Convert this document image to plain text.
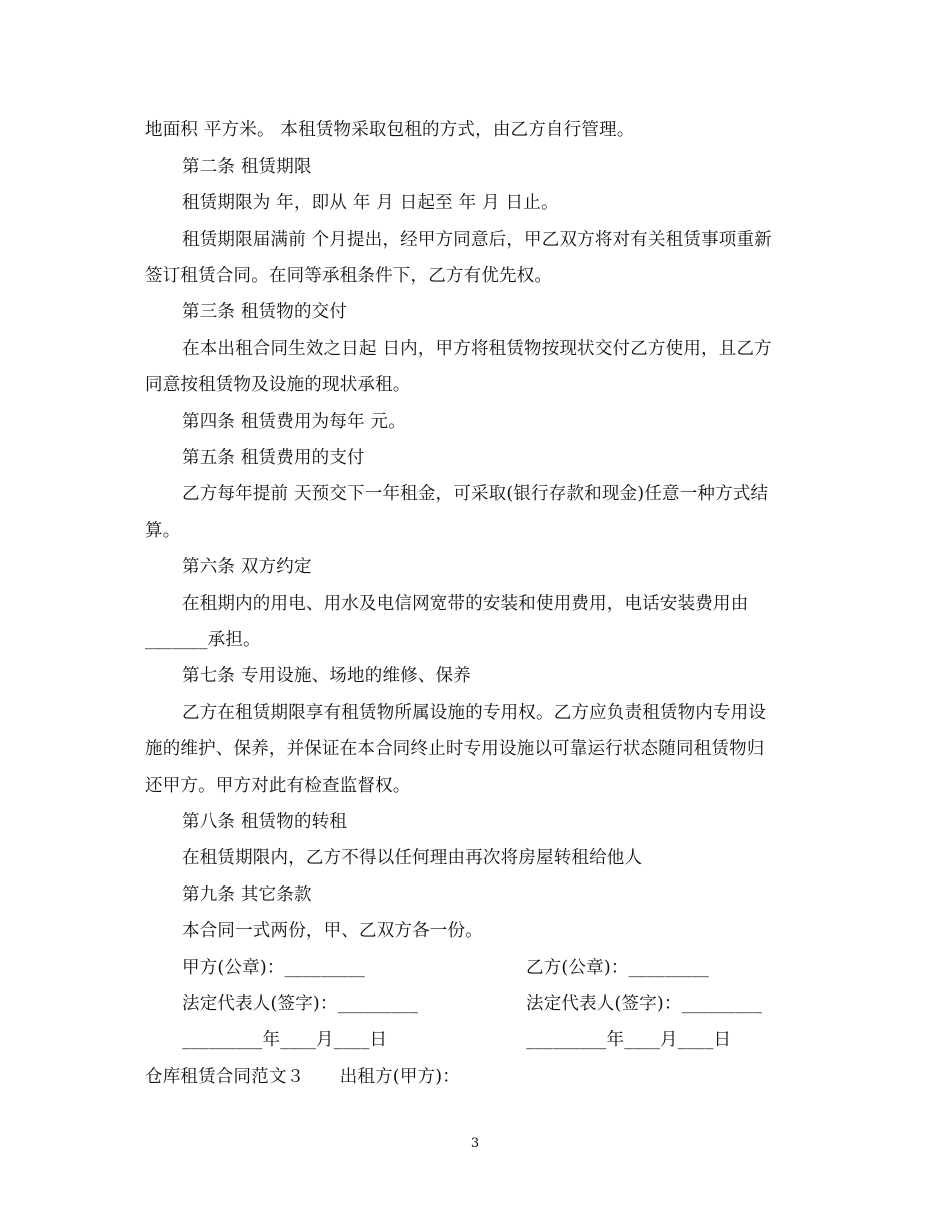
地面积 平方米。 本租赁物采取包租的方式，由乙方自行管理。
第二条 租赁期限
租赁期限为 年，即从 年 月 日起至 年 月 日止。
租赁期限届满前 个月提出，经甲方同意后，甲乙双方将对有关租赁事项重新
签订租赁合同。在同等承租条件下，乙方有优先权。
第三条 租赁物的交付
在本出租合同生效之日起 日内，甲方将租赁物按现状交付乙方使用，且乙方
同意按租赁物及设施的现状承租。
第四条 租赁费用为每年 元。
第五条 租赁费用的支付
乙方每年提前 天预交下一年租金，可采取(银行存款和现金)任意一种方式结
算。
第六条 双方约定
在租期内的用电、用水及电信网宽带的安装和使用费用，电话安装费用由
_______承担。
第七条 专用设施、场地的维修、保养
乙方在租赁期限享有租赁物所属设施的专用权。乙方应负责租赁物内专用设
施的维护、保养，并保证在本合同终止时专用设施以可靠运行状态随同租赁物归
还甲方。甲方对此有检查监督权。
第八条 租赁物的转租
在租赁期限内，乙方不得以任何理由再次将房屋转租给他人
第九条 其它条款
本合同一式两份，甲、乙双方各一份。
甲方(公章)：_________	乙方(公章)：_________
法定代表人(签字)：_________	法定代表人(签字)：_________
_________年____月____日	_________年____月____日
仓库租赁合同范文３　　出租方(甲方)：
3
